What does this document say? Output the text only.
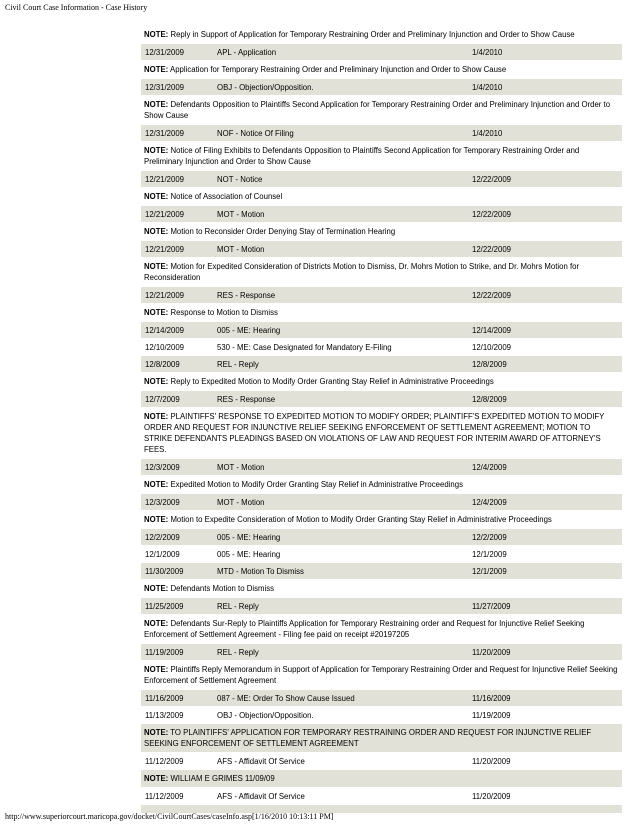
Civil Court Case Information - Case History
NOTE: Reply in Support of Application for Temporary Restraining Order and Preliminary Injunction and Order to Show Cause
12/31/2009	APL - Application	1/4/2010
NOTE: Application for Temporary Restraining Order and Preliminary Injunction and Order to Show Cause
12/31/2009	OBJ - Objection/Opposition.	1/4/2010
NOTE: Defendants Opposition to Plaintiffs Second Application for Temporary Restraining Order and Preliminary Injunction and Order to Show Cause
12/31/2009	NOF - Notice Of Filing	1/4/2010
NOTE: Notice of Filing Exhibits to Defendants Opposition to Plaintiffs Second Application for Temporary Restraining Order and Preliminary Injunction and Order to Show Cause
12/21/2009	NOT - Notice	12/22/2009
NOTE: Notice of Association of Counsel
12/21/2009	MOT - Motion	12/22/2009
NOTE: Motion to Reconsider Order Denying Stay of Termination Hearing
12/21/2009	MOT - Motion	12/22/2009
NOTE: Motion for Expedited Consideration of Districts Motion to Dismiss, Dr. Mohrs Motion to Strike, and Dr. Mohrs Motion for Reconsideration
12/21/2009	RES - Response	12/22/2009
NOTE: Response to Motion to Dismiss
12/14/2009	005 - ME: Hearing	12/14/2009
12/10/2009	530 - ME: Case Designated for Mandatory E-Filing	12/10/2009
12/8/2009	REL - Reply	12/8/2009
NOTE: Reply to Expedited Motion to Modify Order Granting Stay Relief in Administrative Proceedings
12/7/2009	RES - Response	12/8/2009
NOTE: PLAINTIFFS' RESPONSE TO EXPEDITED MOTION TO MODIFY ORDER; PLAINTIFF'S EXPEDITED MOTION TO MODIFY ORDER AND REQUEST FOR INJUNCTIVE RELIEF SEEKING ENFORCEMENT OF SETTLEMENT AGREEMENT; MOTION TO STRIKE DEFENDANTS PLEADINGS BASED ON VIOLATIONS OF LAW AND REQUEST FOR INTERIM AWARD OF ATTORNEY'S FEES.
12/3/2009	MOT - Motion	12/4/2009
NOTE: Expedited Motion to Modify Order Granting Stay Relief in Administrative Proceedings
12/3/2009	MOT - Motion	12/4/2009
NOTE: Motion to Expedite Consideration of Motion to Modify Order Granting Stay Relief in Administrative Proceedings
12/2/2009	005 - ME: Hearing	12/2/2009
12/1/2009	005 - ME: Hearing	12/1/2009
11/30/2009	MTD - Motion To Dismiss	12/1/2009
NOTE: Defendants Motion to Dismiss
11/25/2009	REL - Reply	11/27/2009
NOTE: Defendants Sur-Reply to Plaintiffs Application for Temporary Restraining order and Request for Injunctive Relief Seeking Enforcement of Settlement Agreement - Filing fee paid on receipt #20197205
11/19/2009	REL - Reply	11/20/2009
NOTE: Plaintiffs Reply Memorandum in Support of Application for Temporary Restraining Order and Request for Injunctive Relief Seeking Enforcement of Settlement Agreement
11/16/2009	087 - ME: Order To Show Cause Issued	11/16/2009
11/13/2009	OBJ - Objection/Opposition.	11/19/2009
NOTE: TO PLAINTIFFS' APPLICATION FOR TEMPORARY RESTRAINING ORDER AND REQUEST FOR INJUNCTIVE RELIEF SEEKING ENFORCEMENT OF SETTLEMENT AGREEMENT
11/12/2009	AFS - Affidavit Of Service	11/20/2009
NOTE: WILLIAM E GRIMES 11/09/09
11/12/2009	AFS - Affidavit Of Service	11/20/2009
http://www.superiorcourt.maricopa.gov/docket/CivilCourtCases/caseInfo.asp[1/16/2010 10:13:11 PM]
